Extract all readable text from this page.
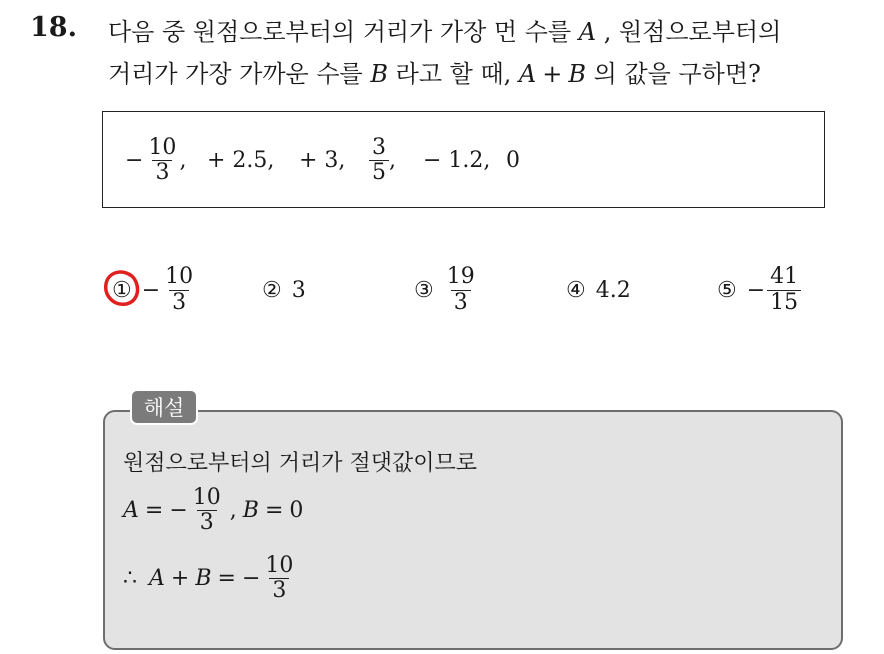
18. 다음 중 원점으로부터의 거리가 가장 먼 수를 A , 원점으로부터의
거리가 가장 가까운 수를 B 라고 할 때, A + B 의 값을 구하면?
− $\frac{10}{3}$ , + 2.5, + 3, $\frac{3}{5}$ , − 1.2, 0
① − $\frac{10}{3}$	② 3	③ $\frac{19}{3}$	④ 4.2	⑤ − $\frac{41}{15}$
해설
원점으로부터의 거리가 절댓값이므로
A = − $\frac{10}{3}$ , B = 0
∴ A + B = − $\frac{10}{3}$
